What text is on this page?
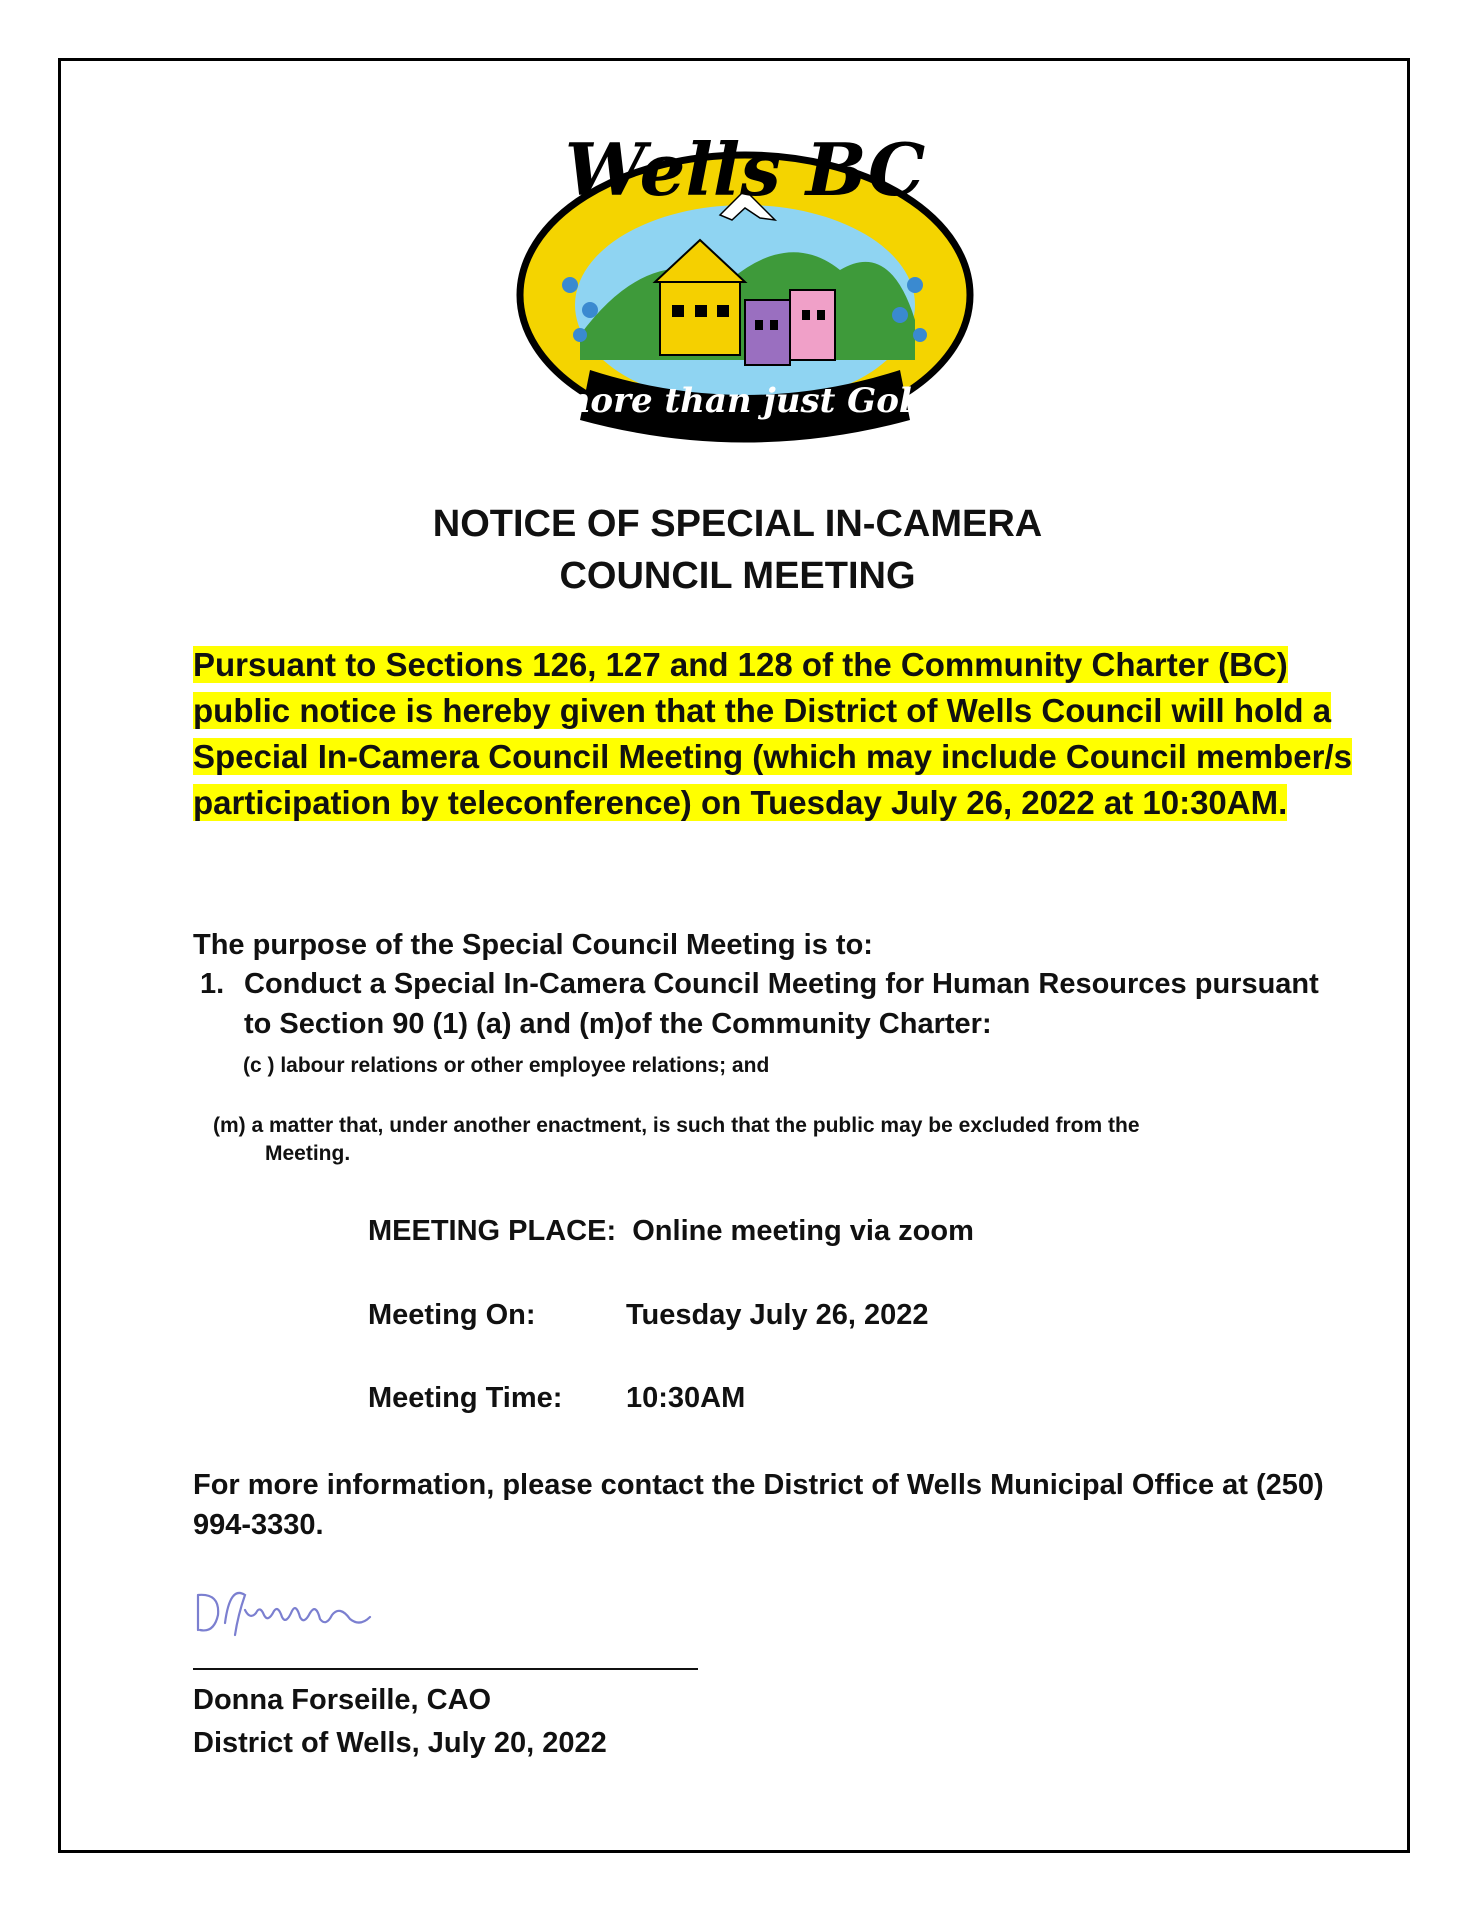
Wells BC
more than just Gold
NOTICE OF SPECIAL IN-CAMERA
COUNCIL MEETING
Pursuant to Sections 126, 127 and 128 of the Community Charter (BC) public notice is hereby given that the District of Wells Council will hold a Special In-Camera Council Meeting (which may include Council member/s participation by teleconference) on Tuesday July 26, 2022 at 10:30AM.
The purpose of the Special Council Meeting is to:
1. Conduct a Special In-Camera Council Meeting for Human Resources pursuant to Section 90 (1) (a) and (m)of the Community Charter:
(c ) labour relations or other employee relations; and
(m) a matter that, under another enactment, is such that the public may be excluded from the
Meeting.
MEETING PLACE: Online meeting via zoom
Meeting On:	Tuesday July 26, 2022
Meeting Time: 10:30AM
For more information, please contact the District of Wells Municipal Office at (250) 994-3330.
Donna Forseille, CAO
District of Wells, July 20, 2022
